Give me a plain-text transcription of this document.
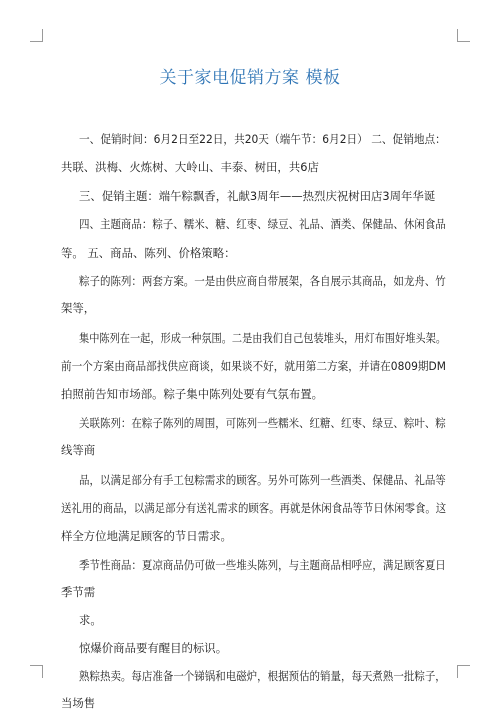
关于家电促销方案 模板
一、促销时间：6月2日至22日，共20天（端午节：6月2日） 二、促销地点：
共联、洪梅、火炼树、大岭山、丰泰、树田，共6店
三、促销主题：端午粽飘香，礼献3周年——热烈庆祝树田店3周年华诞
四、主题商品：粽子、糯米、糖、红枣、绿豆、礼品、酒类、保健品、休闲食品
等。 五、商品、陈列、价格策略：
粽子的陈列：两套方案。一是由供应商自带展架，各自展示其商品，如龙舟、竹
架等，
集中陈列在一起，形成一种氛围。二是由我们自己包装堆头，用灯布围好堆头架。
前一个方案由商品部找供应商谈，如果谈不好，就用第二方案，并请在0809期DM
拍照前告知市场部。粽子集中陈列处要有气氛布置。
关联陈列：在粽子陈列的周围，可陈列一些糯米、红糖、红枣、绿豆、粽叶、粽
线等商
品，以满足部分有手工包粽需求的顾客。另外可陈列一些酒类、保健品、礼品等
送礼用的商品，以满足部分有送礼需求的顾客。再就是休闲食品等节日休闲零食。这
样全方位地满足顾客的节日需求。
季节性商品：夏凉商品仍可做一些堆头陈列，与主题商品相呼应，满足顾客夏日
季节需
求。
惊爆价商品要有醒目的标识。
熟粽热卖。每店准备一个锑锅和电磁炉，根据预估的销量，每天煮熟一批粽子，
当场售
